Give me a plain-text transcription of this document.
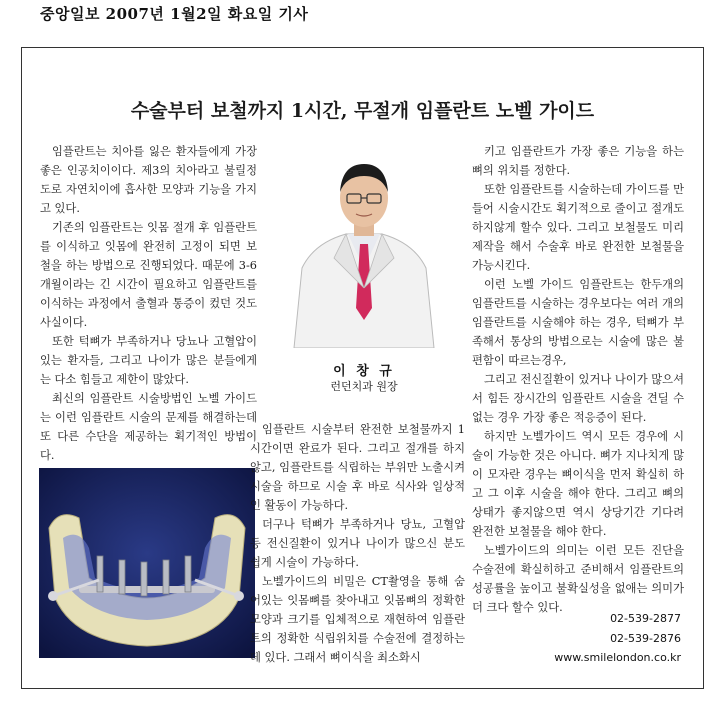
중앙일보 2007년 1월2일 화요일 기사
수술부터 보철까지 1시간, 무절개 임플란트 노벨 가이드

임플란트는 치아를 잃은 환자들에게 가장 좋은 인공치이이다. 제3의 치아라고 불릴정도로 자연치이에 흡사한 모양과 기능을 가지고 있다.

기존의 임플란트는 잇몸 절개 후 임플란트를 이식하고 잇몸에 완전히 고정이 되면 보철을 하는 방법으로 진행되었다. 때문에 3-6개월이라는 긴 시간이 필요하고 임플란트를 이식하는 과정에서 출혈과 통증이 컸던 것도 사실이다.

또한 턱뼈가 부족하거나 당뇨나 고혈압이 있는 환자들, 그리고 나이가 많은 분들에게는 다소 힘들고 제한이 많았다.

최신의 임플란트 시술방법인 노벨 가이드는 이런 임플란트 시술의 문제를 해결하는데 또 다른 수단을 제공하는 획기적인 방법이다.

이 창 규
런던치과 원장

임플란트 시술부터 완전한 보철물까지 1시간이면 완료가 된다. 그리고 절개를 하지않고, 임플란트를 식립하는 부위만 노출시켜 시술을 하므로 시술 후 바로 식사와 일상적인 활동이 가능하다.

더구나 턱뼈가 부족하거나 당뇨, 고혈압 등 전신질환이 있거나 나이가 많으신 분도 쉽게 시술이 가능하다.

노벨가이드의 비밀은 CT촬영을 통해 숨어있는 잇몸뼈를 찾아내고 잇몸뼈의 정확한 모양과 크기를 입체적으로 재현하여 임플란트의 정확한 식립위치를 수술전에 결정하는 데 있다. 그래서 뼈이식을 최소화시

키고 임플란트가 가장 좋은 기능을 하는 뼈의 위치를 정한다.

또한 임플란트를 시술하는데 가이드를 만들어 시술시간도 획기적으로 줄이고 절개도 하지않게 할수 있다. 그리고 보철물도 미리 제작을 해서 수술후 바로 완전한 보철물을 가능시킨다.

이런 노벨 가이드 임플란트는 한두개의 임플란트를 시술하는 경우보다는 여러 개의 임플란트를 시술해야 하는 경우, 턱뼈가 부족해서 통상의 방법으로는 시술에 많은 불편함이 따르는경우,

그리고 전신질환이 있거나 나이가 많으셔서 힘든 장시간의 임플란트 시술을 견딜 수 없는 경우 가장 좋은 적응증이 된다.

하지만 노벨가이드 역시 모든 경우에 시술이 가능한 것은 아니다. 뼈가 지나치게 많이 모자란 경우는 뼈이식을 먼저 확실히 하고 그 이후 시술을 해야 한다. 그리고 뼈의 상태가 좋지않으면 역시 상당기간 기다려 완전한 보철물을 해야 한다.

노벨가이드의 의미는 이런 모든 진단을 수술전에 확실히하고 준비해서 임플란트의 성공률을 높이고 불확실성을 없애는 의미가 더 크다 할수 있다.

02-539-2877
02-539-2876
www.smilelondon.co.kr
